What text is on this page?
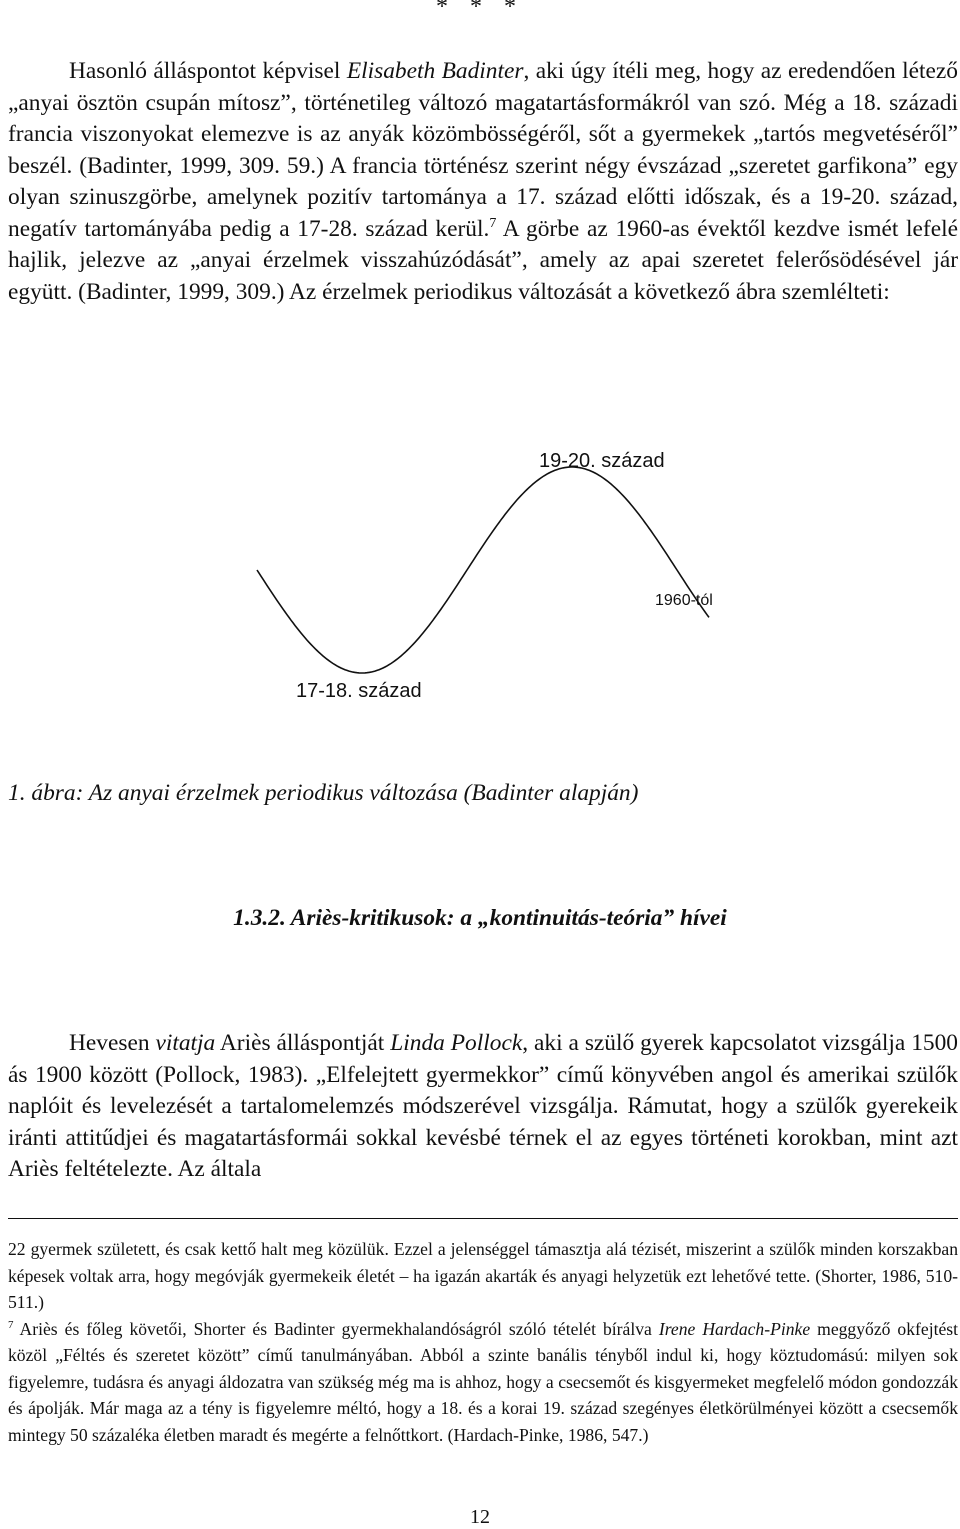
* * *

Hasonló álláspontot képvisel Elisabeth Badinter, aki úgy ítéli meg, hogy az eredendően létező „anyai ösztön csupán mítosz”, történetileg változó magatartásformákról van szó. Még a 18. századi francia viszonyokat elemezve is az anyák közömbösségéről, sőt a gyermekek „tartós megvetéséről” beszél. (Badinter, 1999, 309. 59.) A francia történész szerint négy évszázad „szeretet garfikona” egy olyan szinuszgörbe, amelynek pozitív tartománya a 17. század előtti időszak, és a 19-20. század, negatív tartományába pedig a 17-28. század kerül.$^7$ A görbe az 1960-as évektől kezdve ismét lefelé hajlik, jelezve az „anyai érzelmek visszahúzódását”, amely az apai szeretet felerősödésével jár együtt. (Badinter, 1999, 309.) Az érzelmek periodikus változását a következő ábra szemlélteti:

19-20. század
1960-tól
17-18. század

1. ábra: Az anyai érzelmek periodikus változása (Badinter alapján)

1.3.2. Ariès-kritikusok: a „kontinuitás-teória” hívei

Hevesen vitatja Ariès álláspontját Linda Pollock, aki a szülő gyerek kapcsolatot vizsgálja 1500 ás 1900 között (Pollock, 1983). „Elfelejtett gyermekkor” című könyvében angol és amerikai szülők naplóit és levelezését a tartalomelemzés módszerével vizsgálja. Rámutat, hogy a szülők gyerekeik iránti attitűdjei és magatartásformái sokkal kevésbé térnek el az egyes történeti korokban, mint azt Ariès feltételezte. Az általa

22 gyermek született, és csak kettő halt meg közülük. Ezzel a jelenséggel támasztja alá tézisét, miszerint a szülők minden korszakban képesek voltak arra, hogy megóvják gyermekeik életét – ha igazán akarták és anyagi helyzetük ezt lehetővé tette. (Shorter, 1986, 510-511.)

$^7$ Ariès és főleg követői, Shorter és Badinter gyermekhalandóságról szóló tételét bírálva Irene Hardach-Pinke meggyőző okfejtést közöl „Féltés és szeretet között” című tanulmányában. Abból a szinte banális tényből indul ki, hogy köztudomású: milyen sok figyelemre, tudásra és anyagi áldozatra van szükség még ma is ahhoz, hogy a csecsemőt és kisgyermeket megfelelő módon gondozzák és ápolják. Már maga az a tény is figyelemre méltó, hogy a 18. és a korai 19. század szegényes életkörülményei között a csecsemők mintegy 50 százaléka életben maradt és megérte a felnőttkort. (Hardach-Pinke, 1986, 547.)

12
